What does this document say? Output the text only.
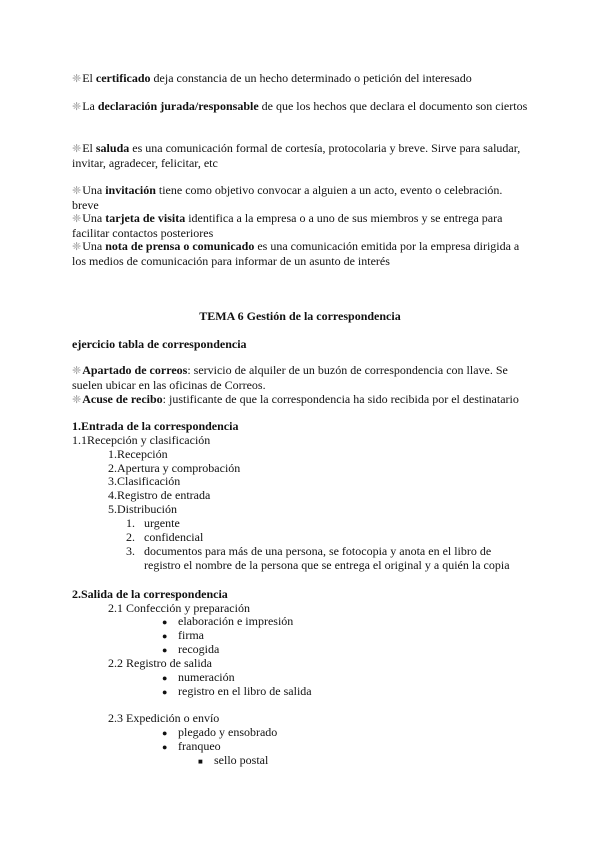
❈El certificado deja constancia de un hecho determinado o petición del interesado
❈La declaración jurada/responsable de que los hechos que declara el documento son ciertos
❈El saluda es una comunicación formal de cortesía, protocolaria y breve. Sirve para saludar, invitar, agradecer, felicitar, etc
❈Una invitación tiene como objetivo convocar a alguien a un acto, evento o celebración. breve
❈Una tarjeta de visita identifica a la empresa o a uno de sus miembros y se entrega para facilitar contactos posteriores
❈Una nota de prensa o comunicado es una comunicación emitida por la empresa dirigida a los medios de comunicación para informar de un asunto de interés
TEMA 6 Gestión de la correspondencia
ejercicio tabla de correspondencia
❈Apartado de correos: servicio de alquiler de un buzón de correspondencia con llave. Se suelen ubicar en las oficinas de Correos.
❈Acuse de recibo: justificante de que la correspondencia ha sido recibida por el destinatario
1.Entrada de la correspondencia
1.1Recepción y clasificación
1.Recepción
2.Apertura y comprobación
3.Clasificación
4.Registro de entrada
5.Distribución
1. urgente
2. confidencial
3. documentos para más de una persona, se fotocopia y anota en el libro de
registro el nombre de la persona que se entrega el original y a quién la copia
2.Salida de la correspondencia
2.1 Confección y preparación
● elaboración e impresión
● firma
● recogida
2.2 Registro de salida
● numeración
● registro en el libro de salida
2.3 Expedición o envío
● plegado y ensobrado
● franqueo
■ sello postal
